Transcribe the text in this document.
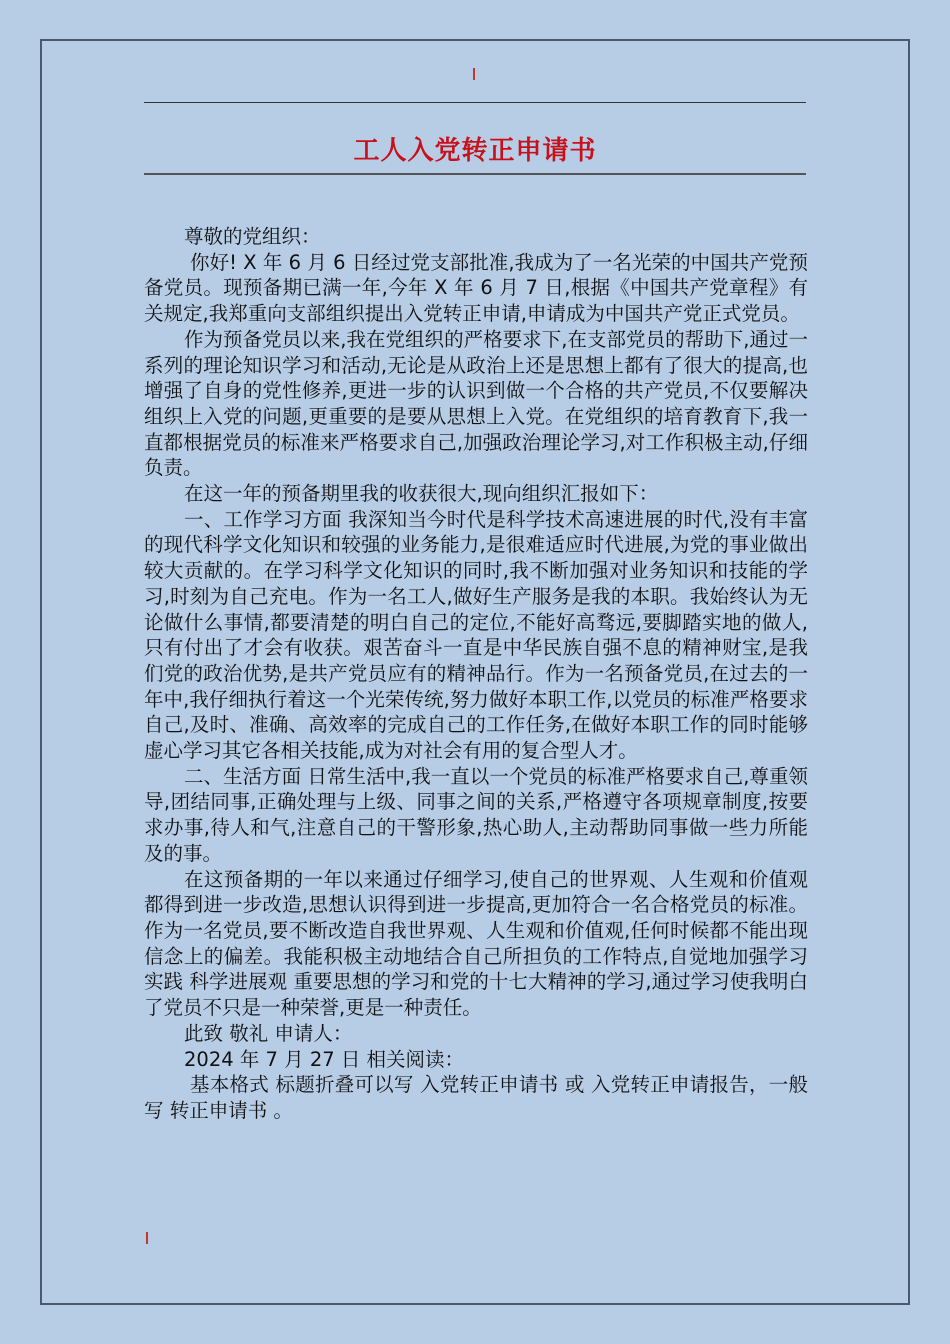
工人入党转正申请书

尊敬的党组织：

你好! X 年 6 月 6 日经过党支部批准,我成为了一名光荣的中国共产党预备党员。现预备期已满一年,今年 X 年 6 月 7 日,根据《中国共产党章程》有关规定,我郑重向支部组织提出入党转正申请,申请成为中国共产党正式党员。

作为预备党员以来,我在党组织的严格要求下,在支部党员的帮助下,通过一系列的理论知识学习和活动,无论是从政治上还是思想上都有了很大的提高,也增强了自身的党性修养,更进一步的认识到做一个合格的共产党员,不仅要解决组织上入党的问题,更重要的是要从思想上入党。在党组织的培育教育下,我一直都根据党员的标准来严格要求自己,加强政治理论学习,对工作积极主动,仔细负责。

在这一年的预备期里我的收获很大,现向组织汇报如下：

一、工作学习方面 我深知当今时代是科学技术高速进展的时代,没有丰富的现代科学文化知识和较强的业务能力,是很难适应时代进展,为党的事业做出较大贡献的。在学习科学文化知识的同时,我不断加强对业务知识和技能的学习,时刻为自己充电。作为一名工人,做好生产服务是我的本职。我始终认为无论做什么事情,都要清楚的明白自己的定位,不能好高骛远,要脚踏实地的做人,只有付出了才会有收获。艰苦奋斗一直是中华民族自强不息的精神财宝,是我们党的政治优势,是共产党员应有的精神品行。作为一名预备党员,在过去的一年中,我仔细执行着这一个光荣传统,努力做好本职工作,以党员的标准严格要求自己,及时、准确、高效率的完成自己的工作任务,在做好本职工作的同时能够虚心学习其它各相关技能,成为对社会有用的复合型人才。

二、生活方面 日常生活中,我一直以一个党员的标准严格要求自己,尊重领导,团结同事,正确处理与上级、同事之间的关系,严格遵守各项规章制度,按要求办事,待人和气,注意自己的干警形象,热心助人,主动帮助同事做一些力所能及的事。

在这预备期的一年以来通过仔细学习,使自己的世界观、人生观和价值观都得到进一步改造,思想认识得到进一步提高,更加符合一名合格党员的标准。作为一名党员,要不断改造自我世界观、人生观和价值观,任何时候都不能出现信念上的偏差。我能积极主动地结合自己所担负的工作特点,自觉地加强学习实践 科学进展观 重要思想的学习和党的十七大精神的学习,通过学习使我明白了党员不只是一种荣誉,更是一种责任。

此致 敬礼 申请人：

2024 年 7 月 27 日 相关阅读：

基本格式 标题折叠可以写 入党转正申请书 或 入党转正申请报告，一般写 转正申请书 。
